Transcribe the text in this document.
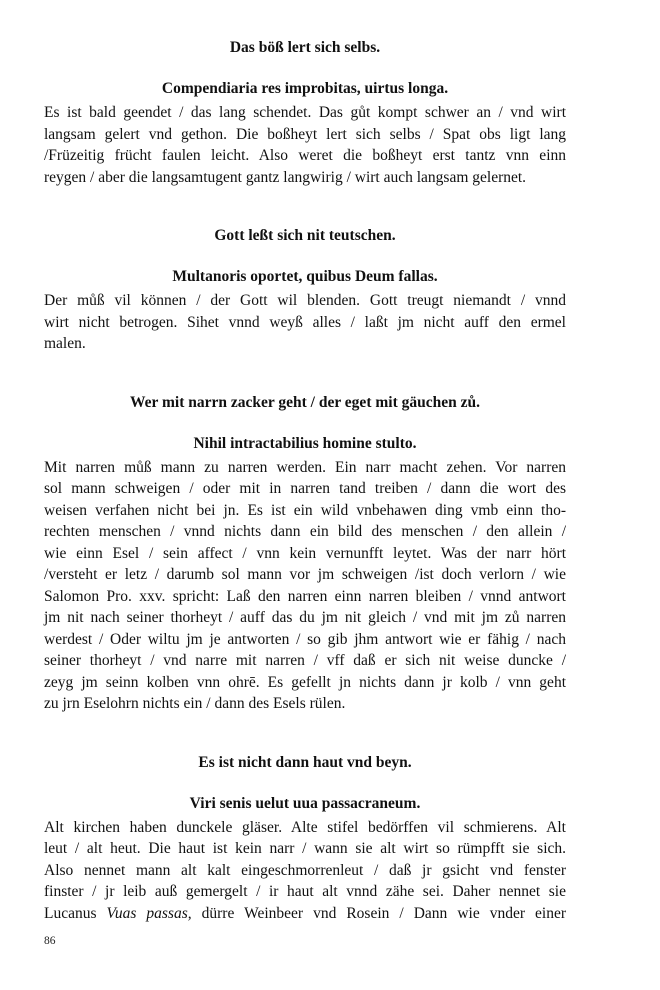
Das böß lert sich selbs.

Compendiaria res improbitas, uirtus longa.

Es ist bald geendet / das lang schendet. Das gůt kompt schwer an / vnd wirt
langsam gelert vnd gethon. Die boßheyt lert sich selbs / Spat obs ligt lang
/Früzeitig frücht faulen leicht. Also weret die boßheyt erst tantz vnn einn
reygen / aber die langsamtugent gantz langwirig / wirt auch langsam gelernet.

Gott leßt sich nit teutschen.

Multanoris oportet, quibus Deum fallas.

Der můß vil können / der Gott wil blenden. Gott treugt niemandt / vnnd
wirt nicht betrogen. Sihet vnnd weyß alles / laßt jm nicht auff den ermel
malen.

Wer mit narrn zacker geht / der eget mit gäuchen zů.

Nihil intractabilius homine stulto.

Mit narren můß mann zu narren werden. Ein narr macht zehen. Vor narren
sol mann schweigen / oder mit in narren tand treiben / dann die wort des
weisen verfahen nicht bei jn. Es ist ein wild vnbehawen ding vmb einn tho-
rechten menschen / vnnd nichts dann ein bild des menschen / den allein /
wie einn Esel / sein affect / vnn kein vernunfft leytet. Was der narr hört
/versteht er letz / darumb sol mann vor jm schweigen /ist doch verlorn / wie
Salomon Pro. xxv. spricht: Laß den narren einn narren bleiben / vnnd antwort
jm nit nach seiner thorheyt / auff das du jm nit gleich / vnd mit jm zů narren
werdest / Oder wiltu jm je antworten / so gib jhm antwort wie er fähig / nach
seiner thorheyt / vnd narre mit narren / vff daß er sich nit weise duncke /
zeyg jm seinn kolben vnn ohrē. Es gefellt jn nichts dann jr kolb / vnn geht
zu jrn Eselohrn nichts ein / dann des Esels rülen.

Es ist nicht dann haut vnd beyn.

Viri senis uelut uua passacraneum.

Alt kirchen haben dunckele gläser. Alte stifel bedörffen vil schmierens. Alt
leut / alt heut. Die haut ist kein narr / wann sie alt wirt so rümpfft sie sich.
Also nennet mann alt kalt eingeschmorrenleut / daß jr gsicht vnd fenster
finster / jr leib auß gemergelt / ir haut alt vnnd zähe sei. Daher nennet sie
Lucanus Vuas passas, dürre Weinbeer vnd Rosein / Dann wie vnder einer
86
